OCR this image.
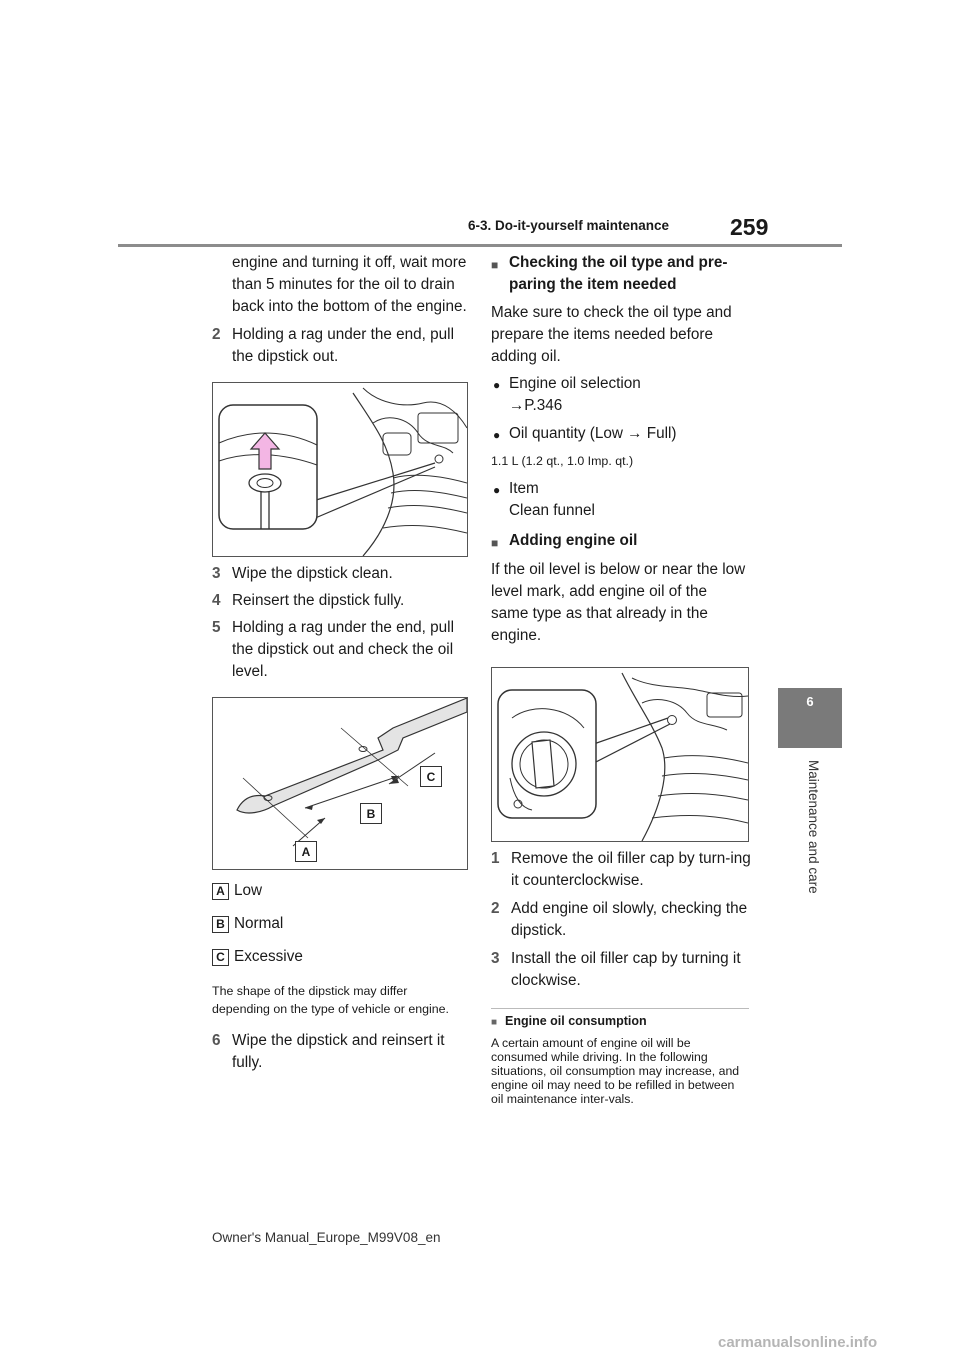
6-3. Do-it-yourself maintenance	259
6
Maintenance and care
engine and turning it off, wait more than 5 minutes for the oil to drain back into the bottom of the engine.
2 Holding a rag under the end, pull the dipstick out.
3 Wipe the dipstick clean.
4 Reinsert the dipstick fully.
5 Holding a rag under the end, pull the dipstick out and check the oil level.
C
B
A
A Low
B Normal
C Excessive
The shape of the dipstick may differ depending on the type of vehicle or engine.
6 Wipe the dipstick and reinsert it fully.
■ Checking the oil type and pre-paring the item needed
Make sure to check the oil type and prepare the items needed before adding oil.
● Engine oil selection
→P.346
● Oil quantity (Low → Full)
1.1 L (1.2 qt., 1.0 Imp. qt.)
● Item
Clean funnel
■ Adding engine oil
If the oil level is below or near the low level mark, add engine oil of the same type as that already in the engine.
1 Remove the oil filler cap by turn-ing it counterclockwise.
2 Add engine oil slowly, checking the dipstick.
3 Install the oil filler cap by turning it clockwise.
■ Engine oil consumption
A certain amount of engine oil will be consumed while driving. In the following situations, oil consumption may increase, and engine oil may need to be refilled in between oil maintenance inter-vals.
Owner's Manual_Europe_M99V08_en
carmanualsonline.info
